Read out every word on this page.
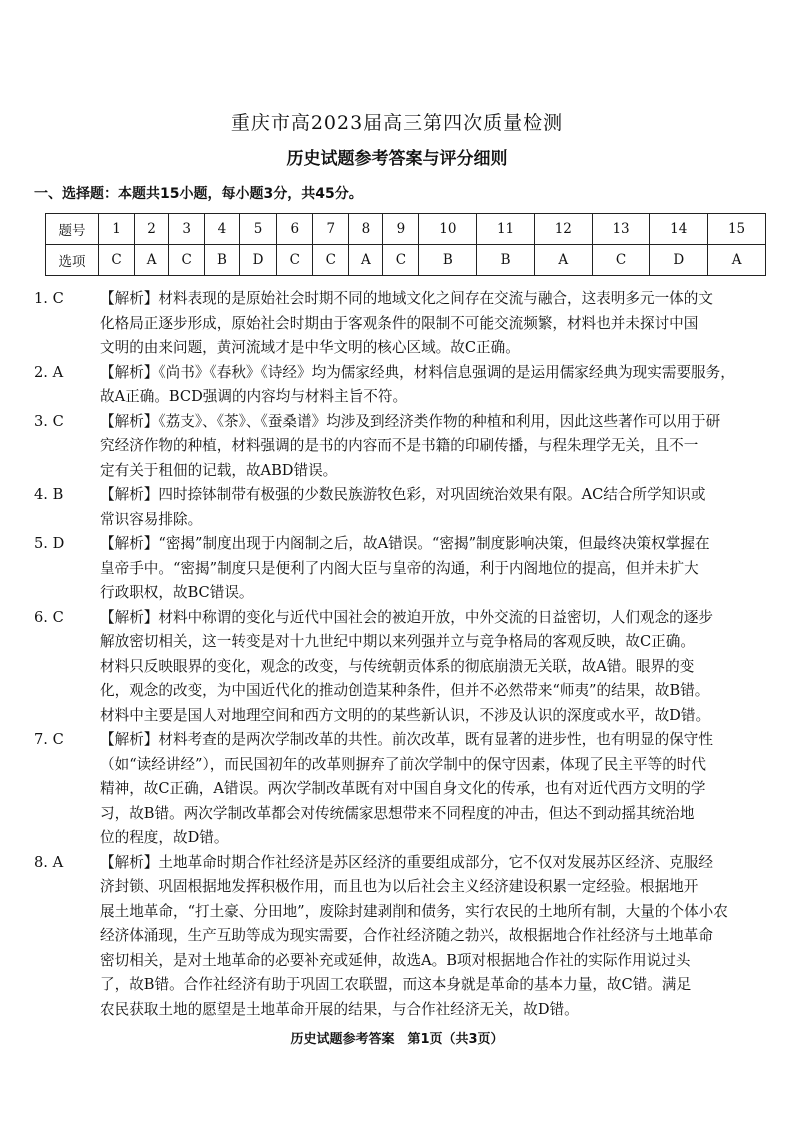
重庆市高2023届高三第四次质量检测
历史试题参考答案与评分细则
一、选择题：本题共15小题，每小题3分，共45分。
题号	1	2	3	4	5	6	7	8	9	10	11	12	13	14	15
选项	C	A	C	B	D	C	C	A	C	B	B	A	C	D	A
1. C 【解析】材料表现的是原始社会时期不同的地域文化之间存在交流与融合，这表明多元一体的文
化格局正逐步形成，原始社会时期由于客观条件的限制不可能交流频繁，材料也并未探讨中国
文明的由来问题，黄河流域才是中华文明的核心区域。故C正确。
2. A	【解析】《尚书》《春秋》《诗经》均为儒家经典，材料信息强调的是运用儒家经典为现实需要服务，
故A正确。BCD强调的内容均与材料主旨不符。
3. C 【解析】《荔支》、《茶》、《蚕桑谱》均涉及到经济类作物的种植和利用，因此这些著作可以用于研
究经济作物的种植，材料强调的是书的内容而不是书籍的印刷传播，与程朱理学无关，且不一
定有关于租佃的记载，故ABD错误。
4. B	【解析】四时捺钵制带有极强的少数民族游牧色彩，对巩固统治效果有限。AC结合所学知识或
常识容易排除。
5. D 【解析】“密揭”制度出现于内阁制之后，故A错误。“密揭”制度影响决策，但最终决策权掌握在
皇帝手中。“密揭”制度只是便利了内阁大臣与皇帝的沟通，利于内阁地位的提高，但并未扩大
行政职权，故BC错误。
6. C 【解析】材料中称谓的变化与近代中国社会的被迫开放，中外交流的日益密切，人们观念的逐步
解放密切相关，这一转变是对十九世纪中期以来列强并立与竞争格局的客观反映，故C正确。
材料只反映眼界的变化，观念的改变，与传统朝贡体系的彻底崩溃无关联，故A错。眼界的变
化，观念的改变，为中国近代化的推动创造某种条件，但并不必然带来“师夷”的结果，故B错。
材料中主要是国人对地理空间和西方文明的的某些新认识，不涉及认识的深度或水平，故D错。
7. C 【解析】材料考查的是两次学制改革的共性。前次改革，既有显著的进步性，也有明显的保守性
（如“读经讲经”），而民国初年的改革则摒弃了前次学制中的保守因素，体现了民主平等的时代
精神，故C正确，A错误。两次学制改革既有对中国自身文化的传承，也有对近代西方文明的学
习，故B错。两次学制改革都会对传统儒家思想带来不同程度的冲击，但达不到动摇其统治地
位的程度，故D错。
8. A	【解析】土地革命时期合作社经济是苏区经济的重要组成部分，它不仅对发展苏区经济、克服经
济封锁、巩固根据地发挥积极作用，而且也为以后社会主义经济建设积累一定经验。根据地开
展土地革命，“打土豪、分田地”，废除封建剥削和债务，实行农民的土地所有制，大量的个体小农
经济体涌现，生产互助等成为现实需要，合作社经济随之勃兴，故根据地合作社经济与土地革命
密切相关，是对土地革命的必要补充或延伸，故选A。B项对根据地合作社的实际作用说过头
了，故B错。合作社经济有助于巩固工农联盟，而这本身就是革命的基本力量，故C错。满足
农民获取土地的愿望是土地革命开展的结果，与合作社经济无关，故D错。
历史试题参考答案　第1页（共3页）
